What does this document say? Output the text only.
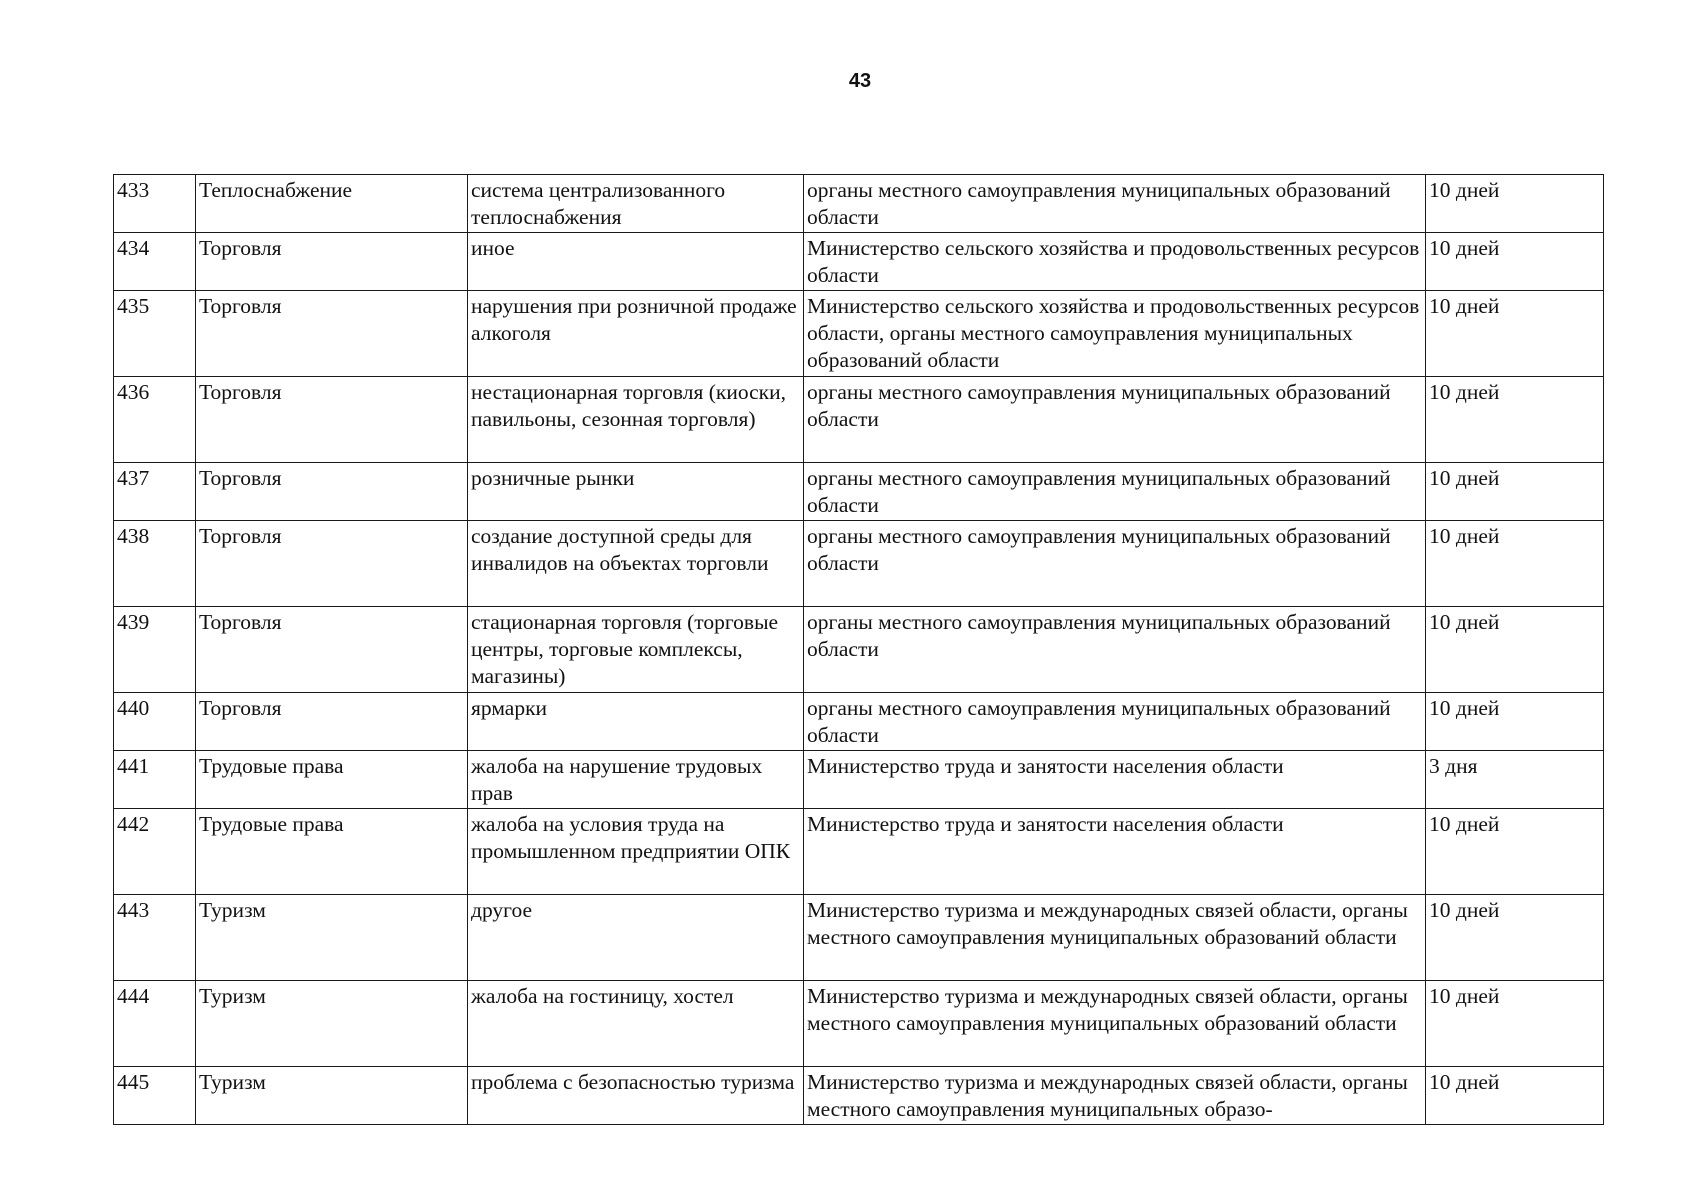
43
433	Теплоснабжение	система централизованного теплоснабжения	органы местного самоуправления муниципальных образований области	10 дней
434	Торговля	иное	Министерство сельского хозяйства и продовольственных ресурсов области	10 дней
435	Торговля	нарушения при розничной продаже алкоголя	Министерство сельского хозяйства и продовольственных ресурсов области, органы местного самоуправления муниципальных образований области	10 дней
436	Торговля	нестационарная торговля (киоски, павильоны, сезонная торговля)	органы местного самоуправления муниципальных образований области	10 дней
437	Торговля	розничные рынки	органы местного самоуправления муниципальных образований области	10 дней
438	Торговля	создание доступной среды для инвалидов на объектах торговли	органы местного самоуправления муниципальных образований области	10 дней
439	Торговля	стационарная торговля (торговые центры, торговые комплексы, магазины)	органы местного самоуправления муниципальных образований области	10 дней
440	Торговля	ярмарки	органы местного самоуправления муниципальных образований области	10 дней
441	Трудовые права	жалоба на нарушение трудовых прав	Министерство труда и занятости населения области	3 дня
442	Трудовые права	жалоба на условия труда на промышленном предприятии ОПК	Министерство труда и занятости населения области	10 дней
443	Туризм	другое	Министерство туризма и международных связей области, органы местного самоуправления муниципальных образований области	10 дней
444	Туризм	жалоба на гостиницу, хостел	Министерство туризма и международных связей области, органы местного самоуправления муниципальных образований области	10 дней
445	Туризм	проблема с безопасностью туризма	Министерство туризма и международных связей области, органы местного самоуправления муниципальных образо-	10 дней
